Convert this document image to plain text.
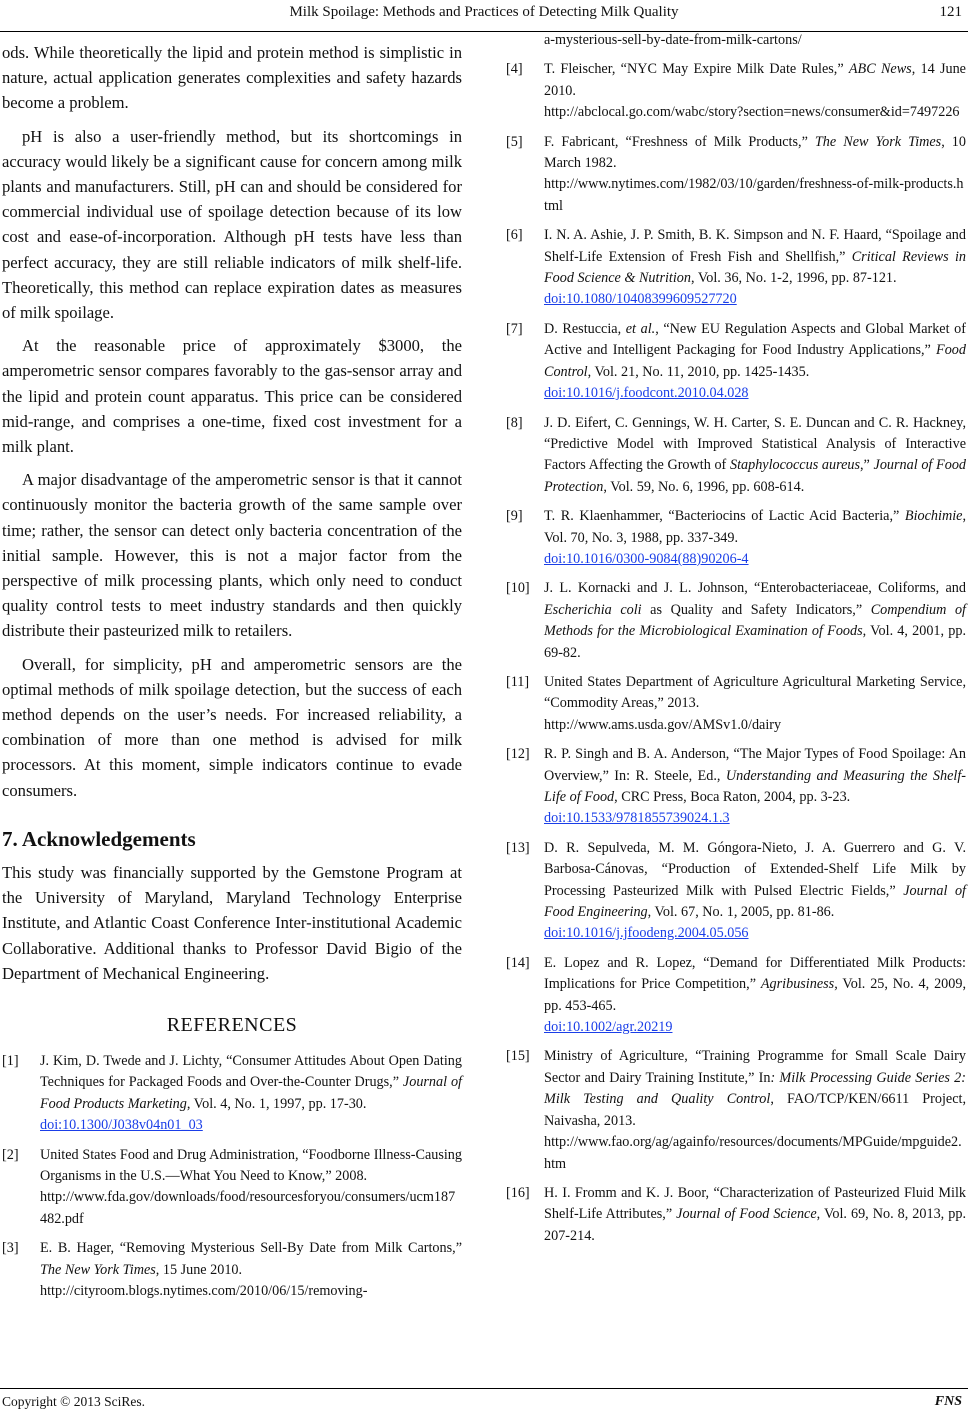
Milk Spoilage: Methods and Practices of Detecting Milk Quality	121

ods. While theoretically the lipid and protein method is simplistic in nature, actual application generates complexities and safety hazards become a problem.

pH is also a user-friendly method, but its shortcomings in accuracy would likely be a significant cause for concern among milk plants and manufacturers. Still, pH can and should be considered for commercial individual use of spoilage detection because of its low cost and ease-of-incorporation. Although pH tests have less than perfect accuracy, they are still reliable indicators of milk shelf-life. Theoretically, this method can replace expiration dates as measures of milk spoilage.

At the reasonable price of approximately $3000, the amperometric sensor compares favorably to the gas-sensor array and the lipid and protein count apparatus. This price can be considered mid-range, and comprises a one-time, fixed cost investment for a milk plant.

A major disadvantage of the amperometric sensor is that it cannot continuously monitor the bacteria growth of the same sample over time; rather, the sensor can detect only bacteria concentration of the initial sample. However, this is not a major factor from the perspective of milk processing plants, which only need to conduct quality control tests to meet industry standards and then quickly distribute their pasteurized milk to retailers.

Overall, for simplicity, pH and amperometric sensors are the optimal methods of milk spoilage detection, but the success of each method depends on the user’s needs. For increased reliability, a combination of more than one method is advised for milk processors. At this moment, simple indicators continue to evade consumers.

7. Acknowledgements

This study was financially supported by the Gemstone Program at the University of Maryland, Maryland Technology Enterprise Institute, and Atlantic Coast Conference Inter-institutional Academic Collaborative. Additional thanks to Professor David Bigio of the Department of Mechanical Engineering.

REFERENCES
[1] J. Kim, D. Twede and J. Lichty, “Consumer Attitudes About Open Dating Techniques for Packaged Foods and Over-the-Counter Drugs,” Journal of Food Products Marketing, Vol. 4, No. 1, 1997, pp. 17-30.
doi:10.1300/J038v04n01_03
[2] United States Food and Drug Administration, “Foodborne Illness-Causing Organisms in the U.S.—What You Need to Know,” 2008.
http://www.fda.gov/downloads/food/resourcesforyou/consumers/ucm187482.pdf
[3] E. B. Hager, “Removing Mysterious Sell-By Date from Milk Cartons,” The New York Times, 15 June 2010.
http://cityroom.blogs.nytimes.com/2010/06/15/removing-
a-mysterious-sell-by-date-from-milk-cartons/
[4] T. Fleischer, “NYC May Expire Milk Date Rules,” ABC News, 14 June 2010.
http://abclocal.go.com/wabc/story?section=news/consumer&id=7497226
[5] F. Fabricant, “Freshness of Milk Products,” The New York Times, 10 March 1982.
http://www.nytimes.com/1982/03/10/garden/freshness-of-milk-products.html
[6] I. N. A. Ashie, J. P. Smith, B. K. Simpson and N. F. Haard, “Spoilage and Shelf-Life Extension of Fresh Fish and Shellfish,” Critical Reviews in Food Science & Nutrition, Vol. 36, No. 1-2, 1996, pp. 87-121.
doi:10.1080/10408399609527720
[7] D. Restuccia, et al., “New EU Regulation Aspects and Global Market of Active and Intelligent Packaging for Food Industry Applications,” Food Control, Vol. 21, No. 11, 2010, pp. 1425-1435.
doi:10.1016/j.foodcont.2010.04.028
[8] J. D. Eifert, C. Gennings, W. H. Carter, S. E. Duncan and C. R. Hackney, “Predictive Model with Improved Statistical Analysis of Interactive Factors Affecting the Growth of Staphylococcus aureus,” Journal of Food Protection, Vol. 59, No. 6, 1996, pp. 608-614.
[9] T. R. Klaenhammer, “Bacteriocins of Lactic Acid Bacteria,” Biochimie, Vol. 70, No. 3, 1988, pp. 337-349.
doi:10.1016/0300-9084(88)90206-4
[10] J. L. Kornacki and J. L. Johnson, “Enterobacteriaceae, Coliforms, and Escherichia coli as Quality and Safety Indicators,” Compendium of Methods for the Microbiological Examination of Foods, Vol. 4, 2001, pp. 69-82.
[11] United States Department of Agriculture Agricultural Marketing Service, “Commodity Areas,” 2013.
http://www.ams.usda.gov/AMSv1.0/dairy
[12] R. P. Singh and B. A. Anderson, “The Major Types of Food Spoilage: An Overview,” In: R. Steele, Ed., Understanding and Measuring the Shelf-Life of Food, CRC Press, Boca Raton, 2004, pp. 3-23.
doi:10.1533/9781855739024.1.3
[13] D. R. Sepulveda, M. M. Góngora-Nieto, J. A. Guerrero and G. V. Barbosa-Cánovas, “Production of Extended-Shelf Life Milk by Processing Pasteurized Milk with Pulsed Electric Fields,” Journal of Food Engineering, Vol. 67, No. 1, 2005, pp. 81-86.
doi:10.1016/j.jfoodeng.2004.05.056
[14] E. Lopez and R. Lopez, “Demand for Differentiated Milk Products: Implications for Price Competition,” Agribusiness, Vol. 25, No. 4, 2009, pp. 453-465.
doi:10.1002/agr.20219
[15] Ministry of Agriculture, “Training Programme for Small Scale Dairy Sector and Dairy Training Institute,” In: Milk Processing Guide Series 2: Milk Testing and Quality Control, FAO/TCP/KEN/6611 Project, Naivasha, 2013.
http://www.fao.org/ag/againfo/resources/documents/MPGuide/mpguide2.htm
[16] H. I. Fromm and K. J. Boor, “Characterization of Pasteurized Fluid Milk Shelf-Life Attributes,” Journal of Food Science, Vol. 69, No. 8, 2013, pp. 207-214.
Copyright © 2013 SciRes.	FNS
